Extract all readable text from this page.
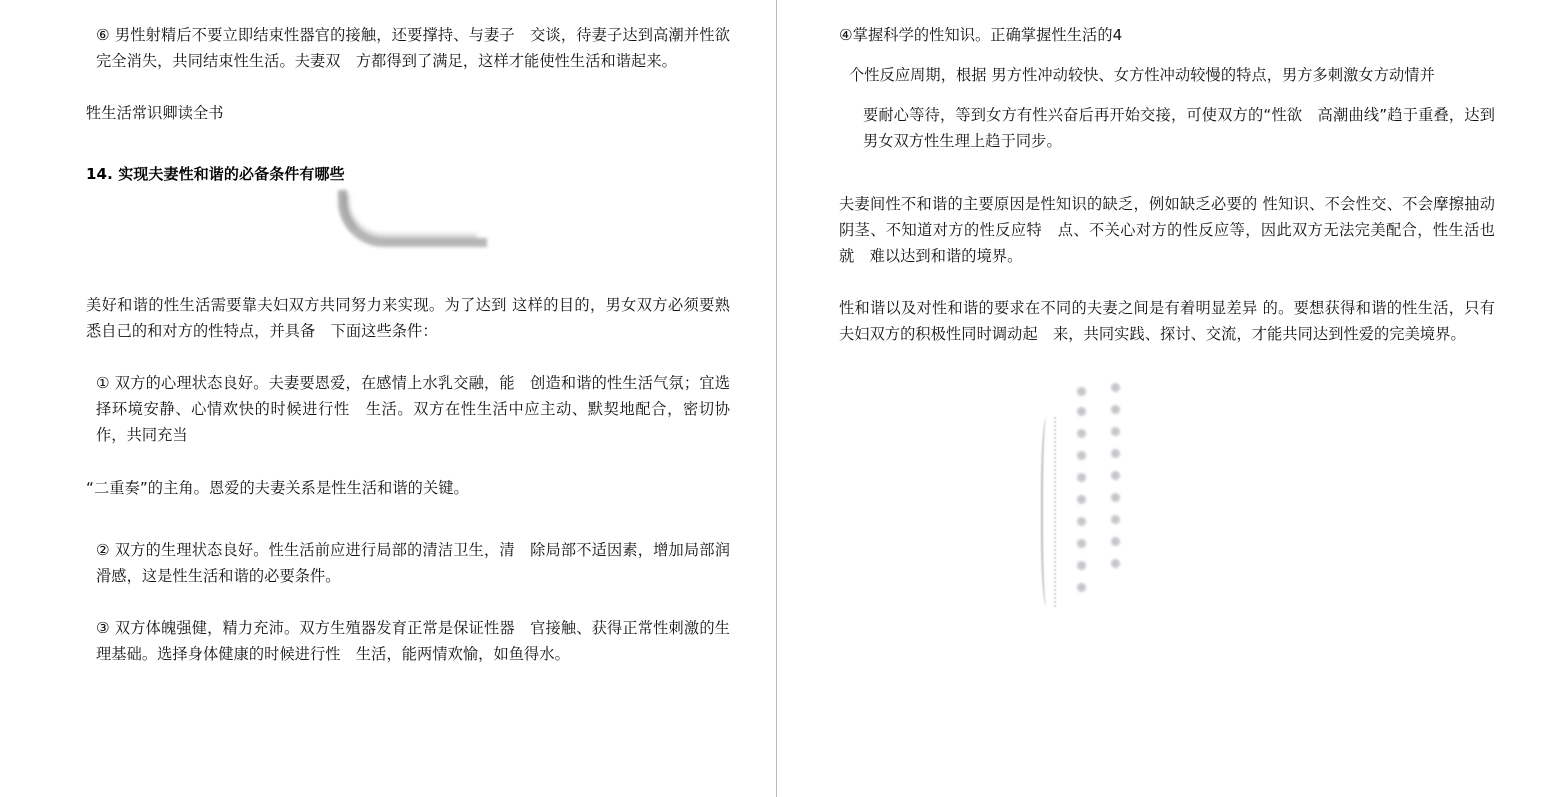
⑥ 男性射精后不要立即结束性器官的接触，还要撑持、与妻子　交谈，待妻子达到高潮并性欲完全消失，共同结束性生活。夫妻双　方都得到了满足，这样才能使性生活和谐起来。

牲生活常识卿读全书

14. 实现夫妻性和谐的必备条件有哪些

美好和谐的性生活需要靠夫妇双方共同努力来实现。为了达到 这样的目的，男女双方必须要熟悉自己的和对方的性特点，并具备　下面这些条件：

① 双方的心理状态良好。夫妻要恩爱，在感情上水乳交融，能　创造和谐的性生活气氛；宜选择环境安静、心情欢快的时候进行性　生活。双方在性生活中应主动、默契地配合，密切协作，共同充当

“二重奏”的主角。恩爱的夫妻关系是性生活和谐的关键。

② 双方的生理状态良好。性生活前应进行局部的清洁卫生，清　除局部不适因素，增加局部润滑感，这是性生活和谐的必要条件。

③ 双方体魄强健，精力充沛。双方生殖器发育正常是保证性器　官接触、获得正常性刺激的生理基础。选择身体健康的时候进行性　生活，能两情欢愉，如鱼得水。

④掌握科学的性知识。正确掌握性生活的4

个性反应周期，根据 男方性冲动较快、女方性冲动较慢的特点，男方多刺激女方动情并

要耐心等待，等到女方有性兴奋后再开始交接，可使双方的“性欲　高潮曲线”趋于重叠，达到男女双方性生理上趋于同步。

夫妻间性不和谐的主要原因是性知识的缺乏，例如缺乏必要的 性知识、不会性交、不会摩擦抽动阴茎、不知道对方的性反应特　点、不关心对方的性反应等，因此双方无法完美配合，性生活也就　难以达到和谐的境界。

性和谐以及对性和谐的要求在不同的夫妻之间是有着明显差异 的。要想获得和谐的性生活，只有夫妇双方的积极性同时调动起　来，共同实践、探讨、交流，才能共同达到性爱的完美境界。
